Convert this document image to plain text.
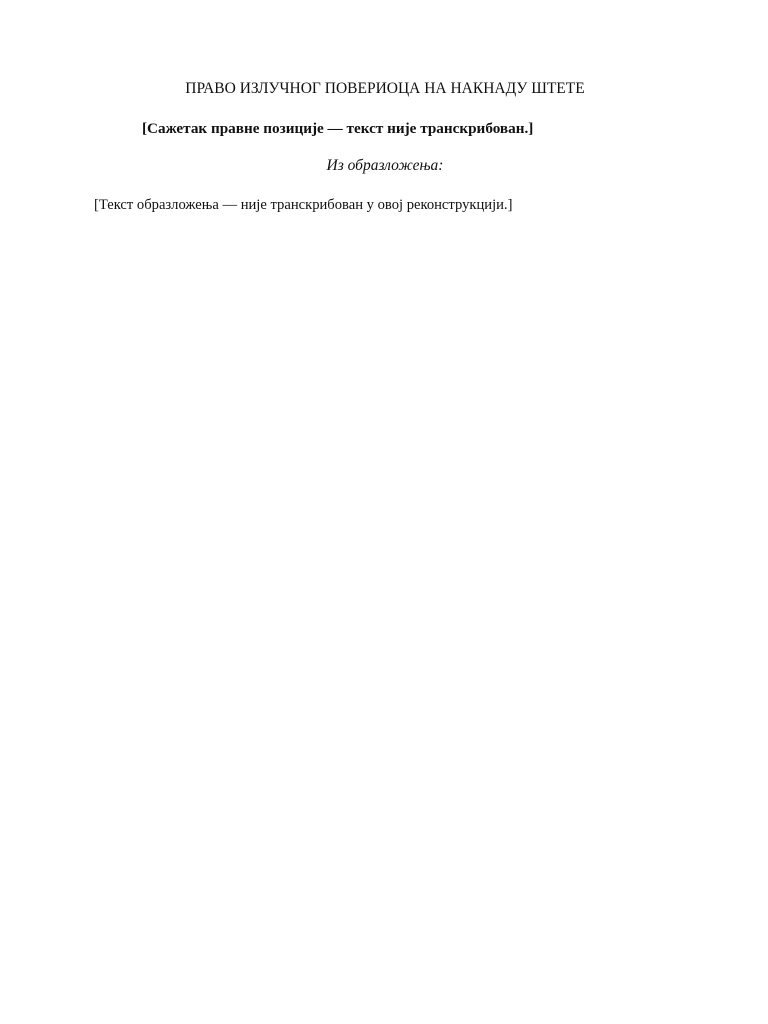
ПРАВО ИЗЛУЧНОГ ПОВЕРИОЦА НА НАКНАДУ ШТЕТЕ
[Сажетак правне позиције — текст није транскрибован.]
Из образложења:
[Текст образложења — није транскрибован у овој реконструкцији.]
